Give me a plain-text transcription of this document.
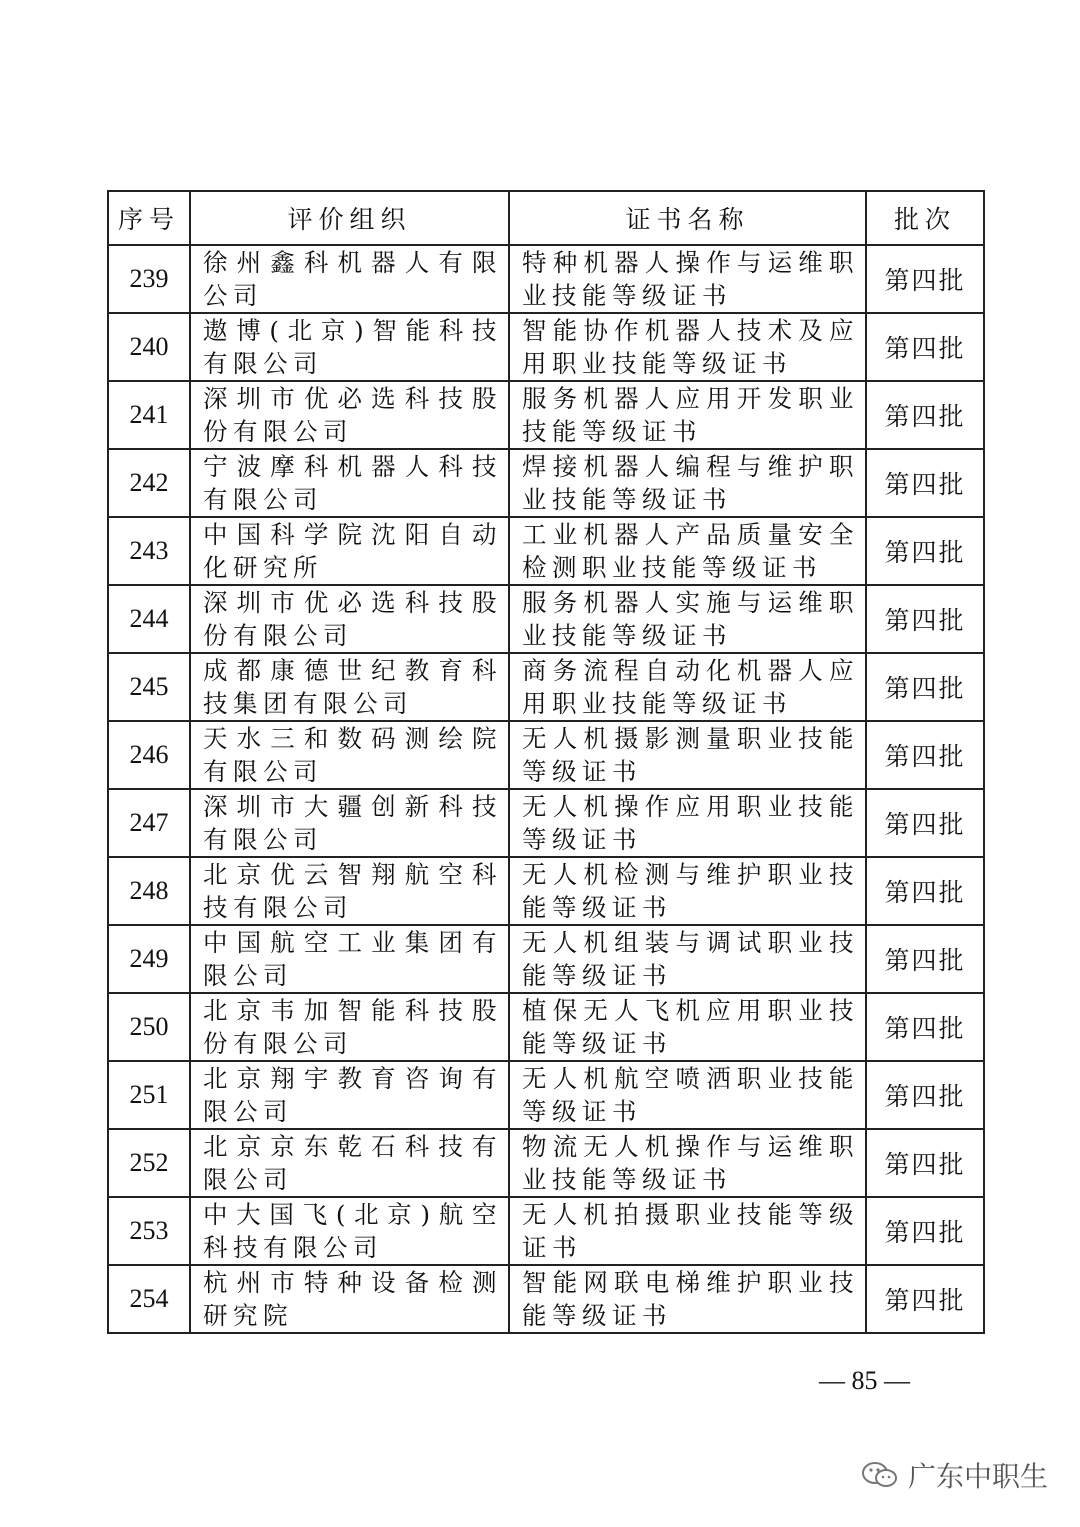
序号	评价组织	证书名称	批次
239	徐州鑫科机器人有限公司	特种机器人操作与运维职业技能等级证书	第四批
240	遨博(北京)智能科技有限公司	智能协作机器人技术及应用职业技能等级证书	第四批
241	深圳市优必选科技股份有限公司	服务机器人应用开发职业技能等级证书	第四批
242	宁波摩科机器人科技有限公司	焊接机器人编程与维护职业技能等级证书	第四批
243	中国科学院沈阳自动化研究所	工业机器人产品质量安全检测职业技能等级证书	第四批
244	深圳市优必选科技股份有限公司	服务机器人实施与运维职业技能等级证书	第四批
245	成都康德世纪教育科技集团有限公司	商务流程自动化机器人应用职业技能等级证书	第四批
246	天水三和数码测绘院有限公司	无人机摄影测量职业技能等级证书	第四批
247	深圳市大疆创新科技有限公司	无人机操作应用职业技能等级证书	第四批
248	北京优云智翔航空科技有限公司	无人机检测与维护职业技能等级证书	第四批
249	中国航空工业集团有限公司	无人机组装与调试职业技能等级证书	第四批
250	北京韦加智能科技股份有限公司	植保无人飞机应用职业技能等级证书	第四批
251	北京翔宇教育咨询有限公司	无人机航空喷洒职业技能等级证书	第四批
252	北京京东乾石科技有限公司	物流无人机操作与运维职业技能等级证书	第四批
253	中大国飞(北京)航空科技有限公司	无人机拍摄职业技能等级证书	第四批
254	杭州市特种设备检测研究院	智能网联电梯维护职业技能等级证书	第四批
— 85 —
广东中职生
